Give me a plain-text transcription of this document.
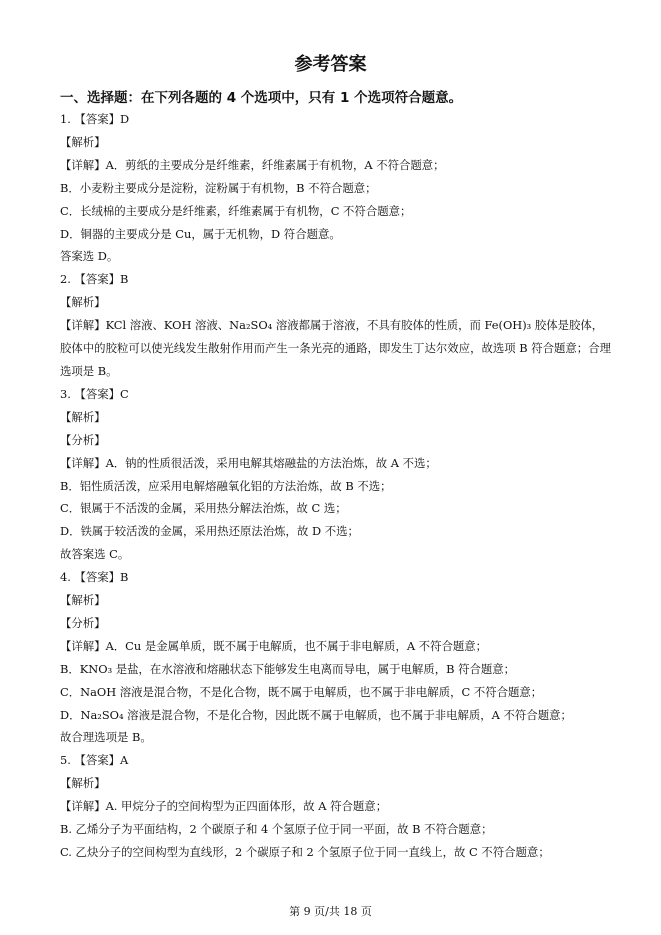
参考答案
一、选择题：在下列各题的 4 个选项中，只有 1 个选项符合题意。
1. 【答案】D
【解析】
【详解】A．剪纸的主要成分是纤维素，纤维素属于有机物，A 不符合题意；
B．小麦粉主要成分是淀粉，淀粉属于有机物，B 不符合题意；
C．长绒棉的主要成分是纤维素，纤维素属于有机物，C 不符合题意；
D．铜器的主要成分是 Cu，属于无机物，D 符合题意。
答案选 D。
2. 【答案】B
【解析】
【详解】KCl 溶液、KOH 溶液、Na₂SO₄ 溶液都属于溶液，不具有胶体的性质，而 Fe(OH)₃ 胶体是胶体，胶体中的胶粒可以使光线发生散射作用而产生一条光亮的通路，即发生丁达尔效应，故选项 B 符合题意；合理选项是 B。
3. 【答案】C
【解析】
【分析】
【详解】A．钠的性质很活泼，采用电解其熔融盐的方法治炼，故 A 不选；
B．铝性质活泼，应采用电解熔融氧化铝的方法治炼，故 B 不选；
C．银属于不活泼的金属，采用热分解法治炼，故 C 选；
D．铁属于较活泼的金属，采用热还原法治炼，故 D 不选；
故答案选 C。
4. 【答案】B
【解析】
【分析】
【详解】A．Cu 是金属单质，既不属于电解质，也不属于非电解质，A 不符合题意；
B．KNO₃ 是盐，在水溶液和熔融状态下能够发生电离而导电，属于电解质，B 符合题意；
C．NaOH 溶液是混合物，不是化合物，既不属于电解质，也不属于非电解质，C 不符合题意；
D．Na₂SO₄ 溶液是混合物，不是化合物，因此既不属于电解质，也不属于非电解质，A 不符合题意；
故合理选项是 B。
5. 【答案】A
【解析】
【详解】A. 甲烷分子的空间构型为正四面体形，故 A 符合题意；
B. 乙烯分子为平面结构，2 个碳原子和 4 个氢原子位于同一平面，故 B 不符合题意；
C. 乙炔分子的空间构型为直线形，2 个碳原子和 2 个氢原子位于同一直线上，故 C 不符合题意；
第 9 页/共 18 页
